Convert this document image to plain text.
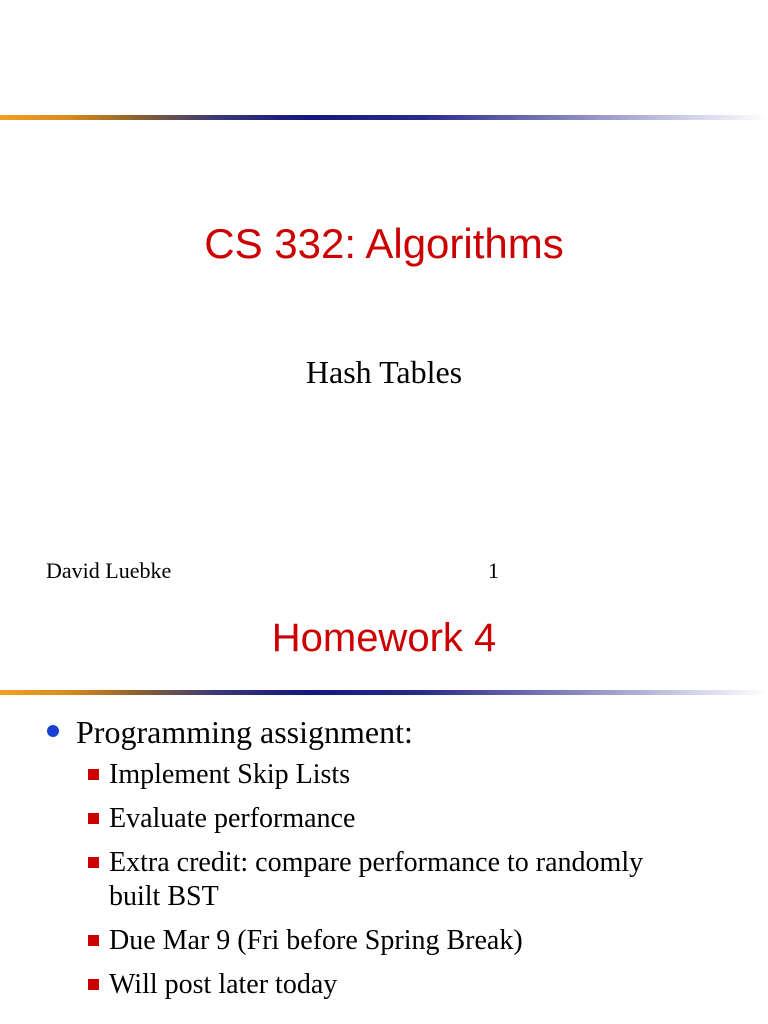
CS 332: Algorithms
Hash Tables
David Luebke	1
Homework 4
Programming assignment:
Implement Skip Lists
Evaluate performance
Extra credit: compare performance to randomly built BST
Due Mar 9 (Fri before Spring Break)
Will post later today
